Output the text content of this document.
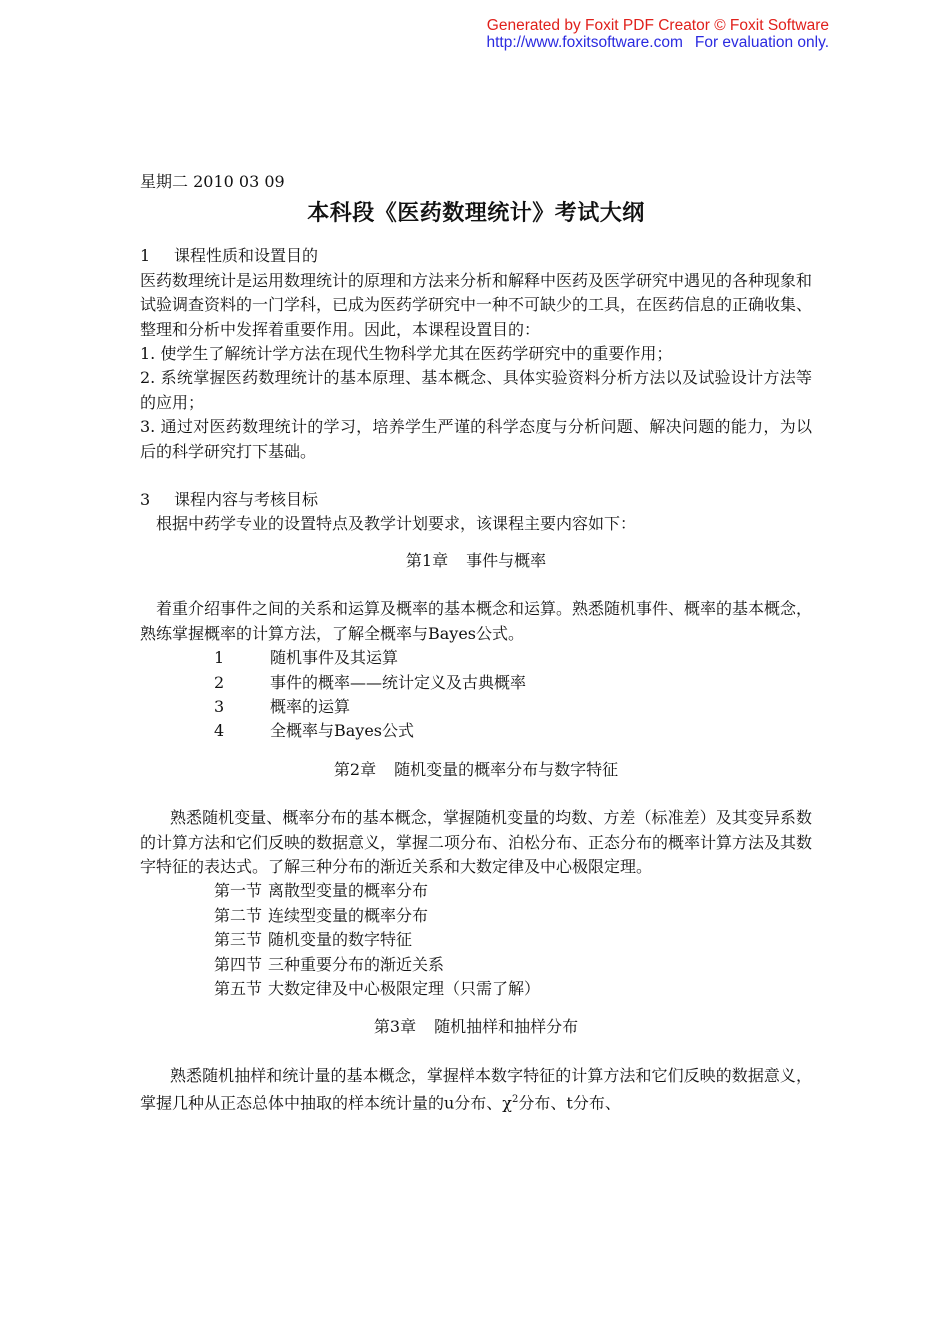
Generated by Foxit PDF Creator © Foxit Software
http://www.foxitsoftware.com For evaluation only.

星期二 2010 03 09

本科段《医药数理统计》考试大纲

1 课程性质和设置目的

医药数理统计是运用数理统计的原理和方法来分析和解释中医药及医学研究中遇见的各种现象和试验调查资料的一门学科，已成为医药学研究中一种不可缺少的工具，在医药信息的正确收集、整理和分析中发挥着重要作用。因此，本课程设置目的：

1. 使学生了解统计学方法在现代生物科学尤其在医药学研究中的重要作用；

2. 系统掌握医药数理统计的基本原理、基本概念、具体实验资料分析方法以及试验设计方法等的应用；

3. 通过对医药数理统计的学习，培养学生严谨的科学态度与分析问题、解决问题的能力，为以后的科学研究打下基础。

3 课程内容与考核目标

根据中药学专业的设置特点及教学计划要求，该课程主要内容如下：

第1章 事件与概率

着重介绍事件之间的关系和运算及概率的基本概念和运算。熟悉随机事件、概率的基本概念，熟练掌握概率的计算方法，了解全概率与Bayes公式。

1	随机事件及其运算

2	事件的概率——统计定义及古典概率

3	概率的运算

4	全概率与Bayes公式

第2章 随机变量的概率分布与数字特征

熟悉随机变量、概率分布的基本概念，掌握随机变量的均数、方差（标准差）及其变异系数的计算方法和它们反映的数据意义，掌握二项分布、泊松分布、正态分布的概率计算方法及其数字特征的表达式。了解三种分布的渐近关系和大数定律及中心极限定理。

第一节 离散型变量的概率分布

第二节 连续型变量的概率分布

第三节 随机变量的数字特征

第四节 三种重要分布的渐近关系

第五节 大数定律及中心极限定理（只需了解）

第3章 随机抽样和抽样分布

熟悉随机抽样和统计量的基本概念，掌握样本数字特征的计算方法和它们反映的数据意义，掌握几种从正态总体中抽取的样本统计量的u分布、$\chi^2$分布、t分布、
